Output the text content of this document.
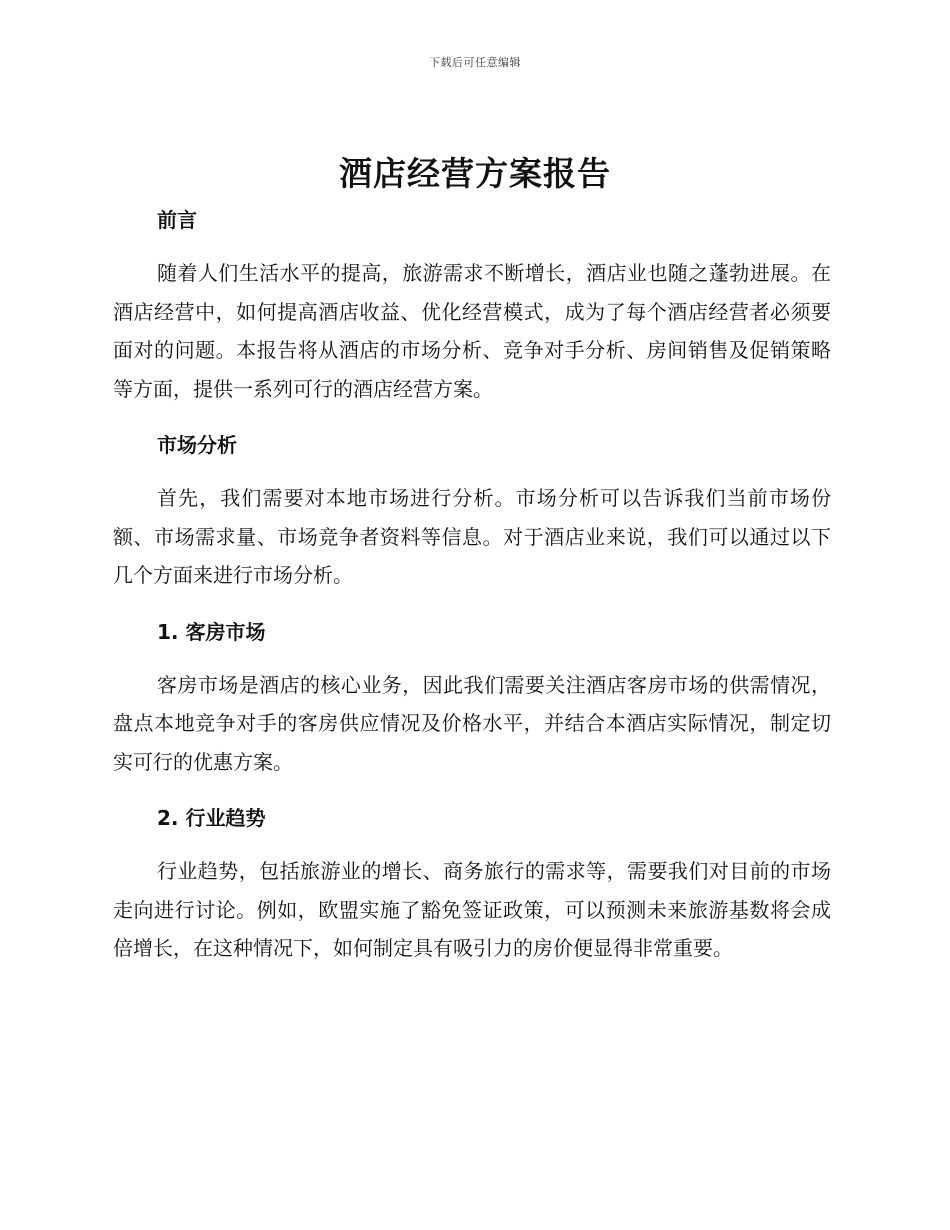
下载后可任意编辑
酒店经营方案报告
前言

随着人们生活水平的提高，旅游需求不断增长，酒店业也随之蓬勃进展。在酒店经营中，如何提高酒店收益、优化经营模式，成为了每个酒店经营者必须要面对的问题。本报告将从酒店的市场分析、竞争对手分析、房间销售及促销策略等方面，提供一系列可行的酒店经营方案。

市场分析

首先，我们需要对本地市场进行分析。市场分析可以告诉我们当前市场份额、市场需求量、市场竞争者资料等信息。对于酒店业来说，我们可以通过以下几个方面来进行市场分析。

1. 客房市场

客房市场是酒店的核心业务，因此我们需要关注酒店客房市场的供需情况，盘点本地竞争对手的客房供应情况及价格水平，并结合本酒店实际情况，制定切实可行的优惠方案。

2. 行业趋势

行业趋势，包括旅游业的增长、商务旅行的需求等，需要我们对目前的市场走向进行讨论。例如，欧盟实施了豁免签证政策，可以预测未来旅游基数将会成倍增长，在这种情况下，如何制定具有吸引力的房价便显得非常重要。
